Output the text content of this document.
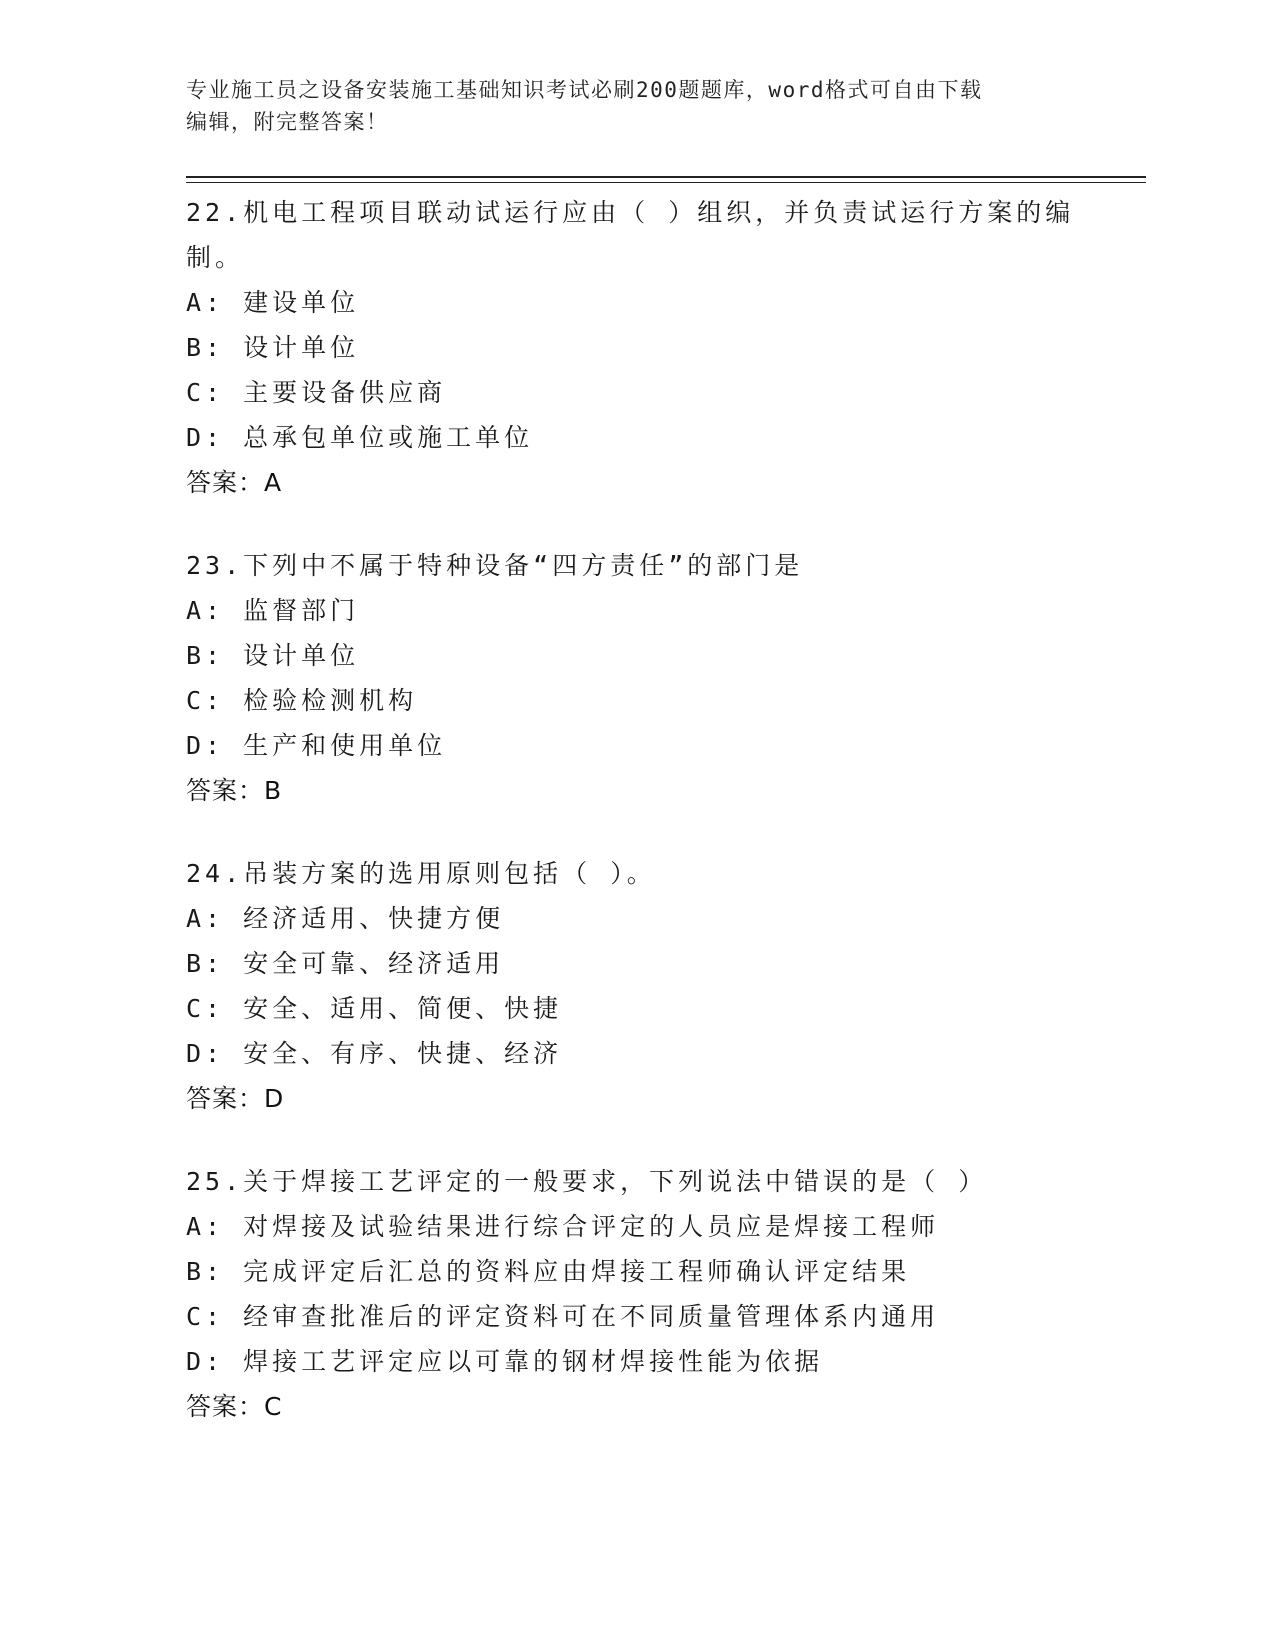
专业施工员之设备安装施工基础知识考试必刷200题题库，word格式可自由下载
编辑，附完整答案！

22.机电工程项目联动试运行应由（ ）组织，并负责试运行方案的编

制。

A: 建设单位

B: 设计单位

C: 主要设备供应商

D: 总承包单位或施工单位

答案：A

23.下列中不属于特种设备“四方责任”的部门是

A: 监督部门

B: 设计单位

C: 检验检测机构

D: 生产和使用单位

答案：B

24.吊装方案的选用原则包括（ ）。

A: 经济适用、快捷方便

B: 安全可靠、经济适用

C: 安全、适用、简便、快捷

D: 安全、有序、快捷、经济

答案：D

25.关于焊接工艺评定的一般要求，下列说法中错误的是（ ）

A: 对焊接及试验结果进行综合评定的人员应是焊接工程师

B: 完成评定后汇总的资料应由焊接工程师确认评定结果

C: 经审查批准后的评定资料可在不同质量管理体系内通用

D: 焊接工艺评定应以可靠的钢材焊接性能为依据

答案：C
